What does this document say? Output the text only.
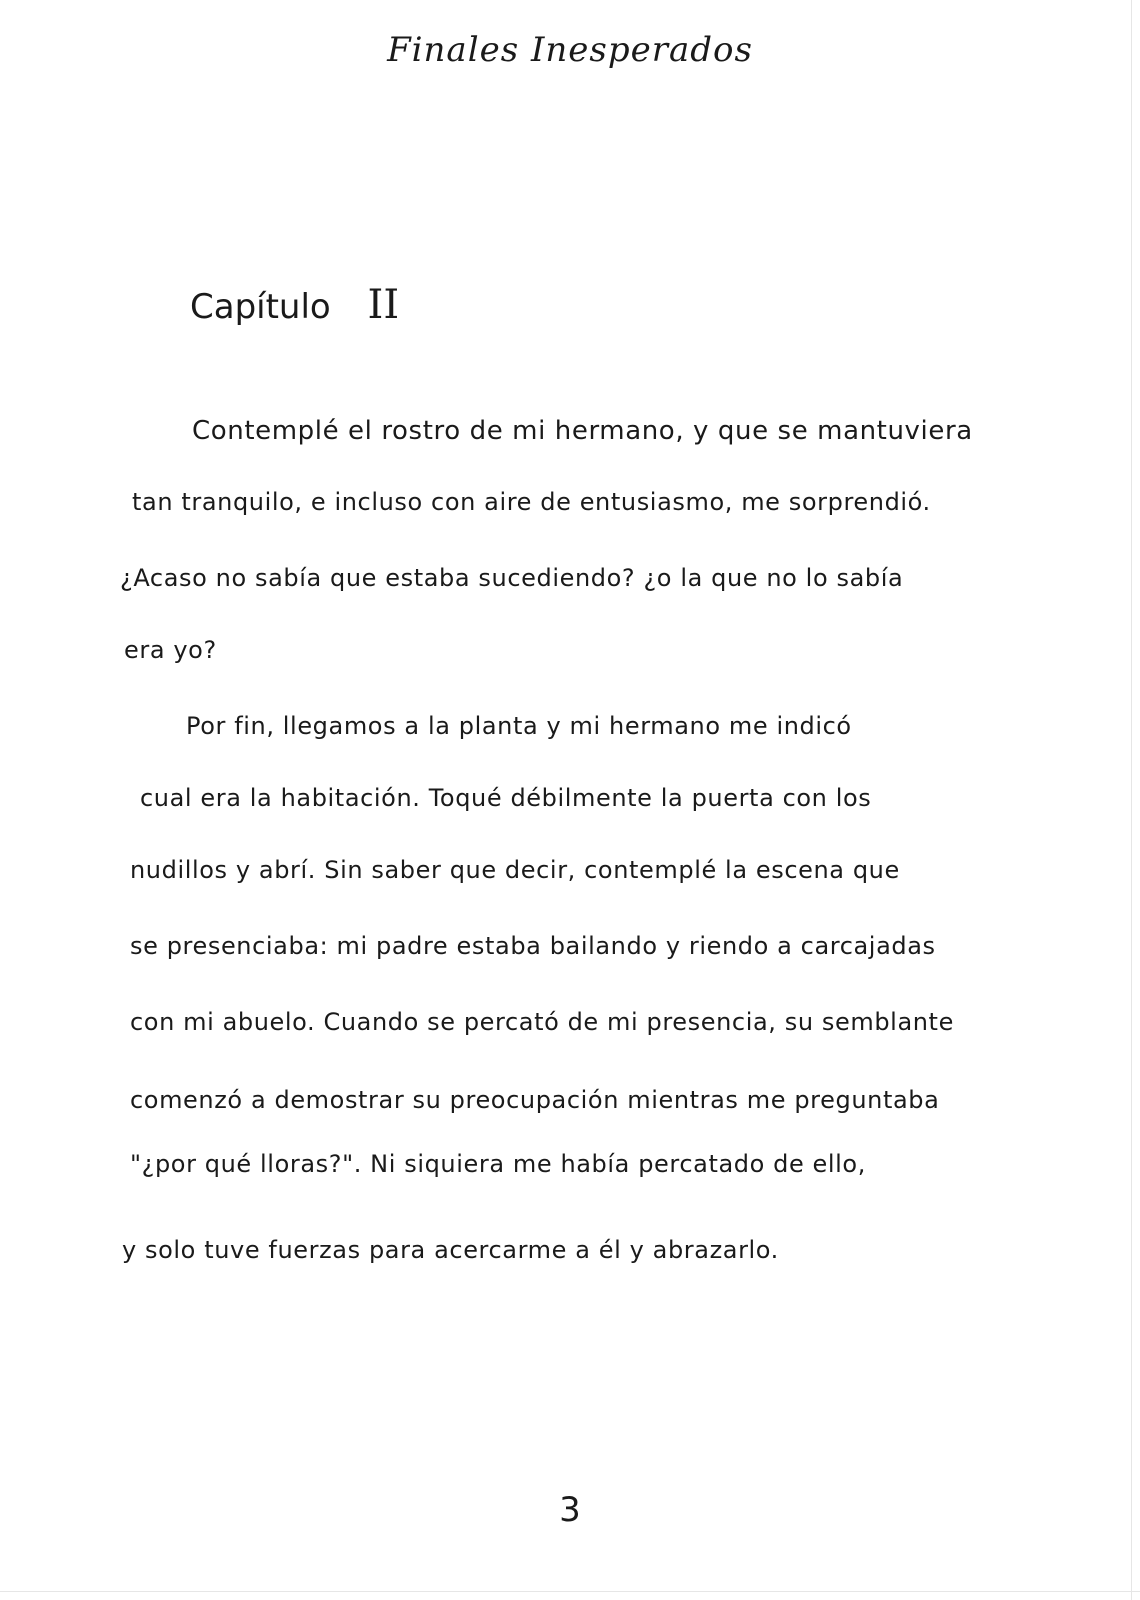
Finales Inesperados
Capítulo II
Contemplé el rostro de mi hermano, y que se mantuviera
tan tranquilo, e incluso con aire de entusiasmo, me sorprendió.
¿Acaso no sabía que estaba sucediendo? ¿o la que no lo sabía
era yo?
Por fin, llegamos a la planta y mi hermano me indicó
cual era la habitación. Toqué débilmente la puerta con los
nudillos y abrí. Sin saber que decir, contemplé la escena que
se presenciaba: mi padre estaba bailando y riendo a carcajadas
con mi abuelo. Cuando se percató de mi presencia, su semblante
comenzó a demostrar su preocupación mientras me preguntaba
"¿por qué lloras?". Ni siquiera me había percatado de ello,
y solo tuve fuerzas para acercarme a él y abrazarlo.
3
